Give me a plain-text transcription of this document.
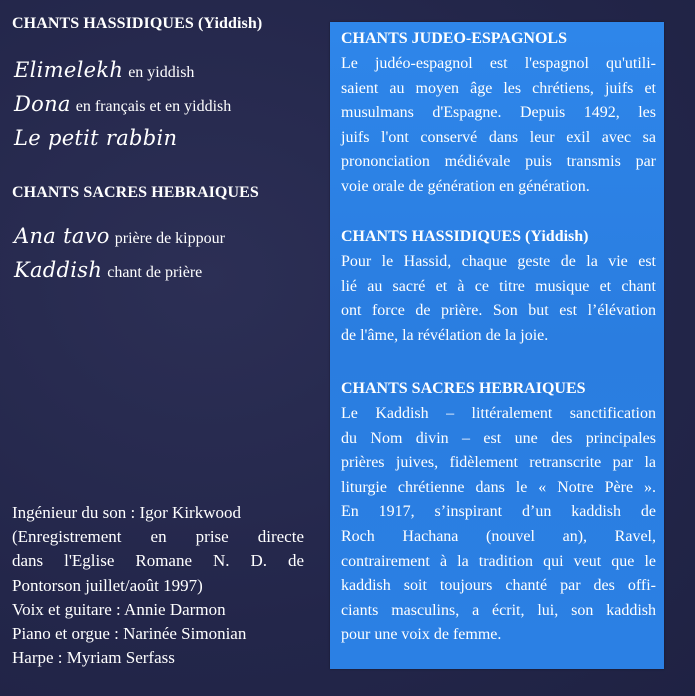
CHANTS HASSIDIQUES (Yiddish)
Elimelekh en yiddish
Dona en français et en yiddish
Le petit rabbin
CHANTS SACRES HEBRAIQUES
Ana tavo prière de kippour
Kaddish chant de prière
Ingénieur du son : Igor Kirkwood
(Enregistrement en prise directe
dans l'Eglise Romane N. D. de
Pontorson juillet/août 1997)
Voix et guitare : Annie Darmon
Piano et orgue : Narinée Simonian
Harpe : Myriam Serfass
CHANTS JUDEO-ESPAGNOLS

Le judéo-espagnol est l'espagnol qu'utili-
saient au moyen âge les chrétiens, juifs et
musulmans d'Espagne. Depuis 1492, les
juifs l'ont conservé dans leur exil avec sa
prononciation médiévale puis transmis par
voie orale de génération en génération.

CHANTS HASSIDIQUES (Yiddish)

Pour le Hassid, chaque geste de la vie est
lié au sacré et à ce titre musique et chant
ont force de prière. Son but est l’élévation
de l'âme, la révélation de la joie.

CHANTS SACRES HEBRAIQUES

Le Kaddish – littéralement sanctification
du Nom divin – est une des principales
prières juives, fidèlement retranscrite par la
liturgie chrétienne dans le « Notre Père ».
En 1917, s’inspirant d’un kaddish de
Roch Hachana (nouvel an), Ravel,
contrairement à la tradition qui veut que le
kaddish soit toujours chanté par des offi-
ciants masculins, a écrit, lui, son kaddish
pour une voix de femme.
